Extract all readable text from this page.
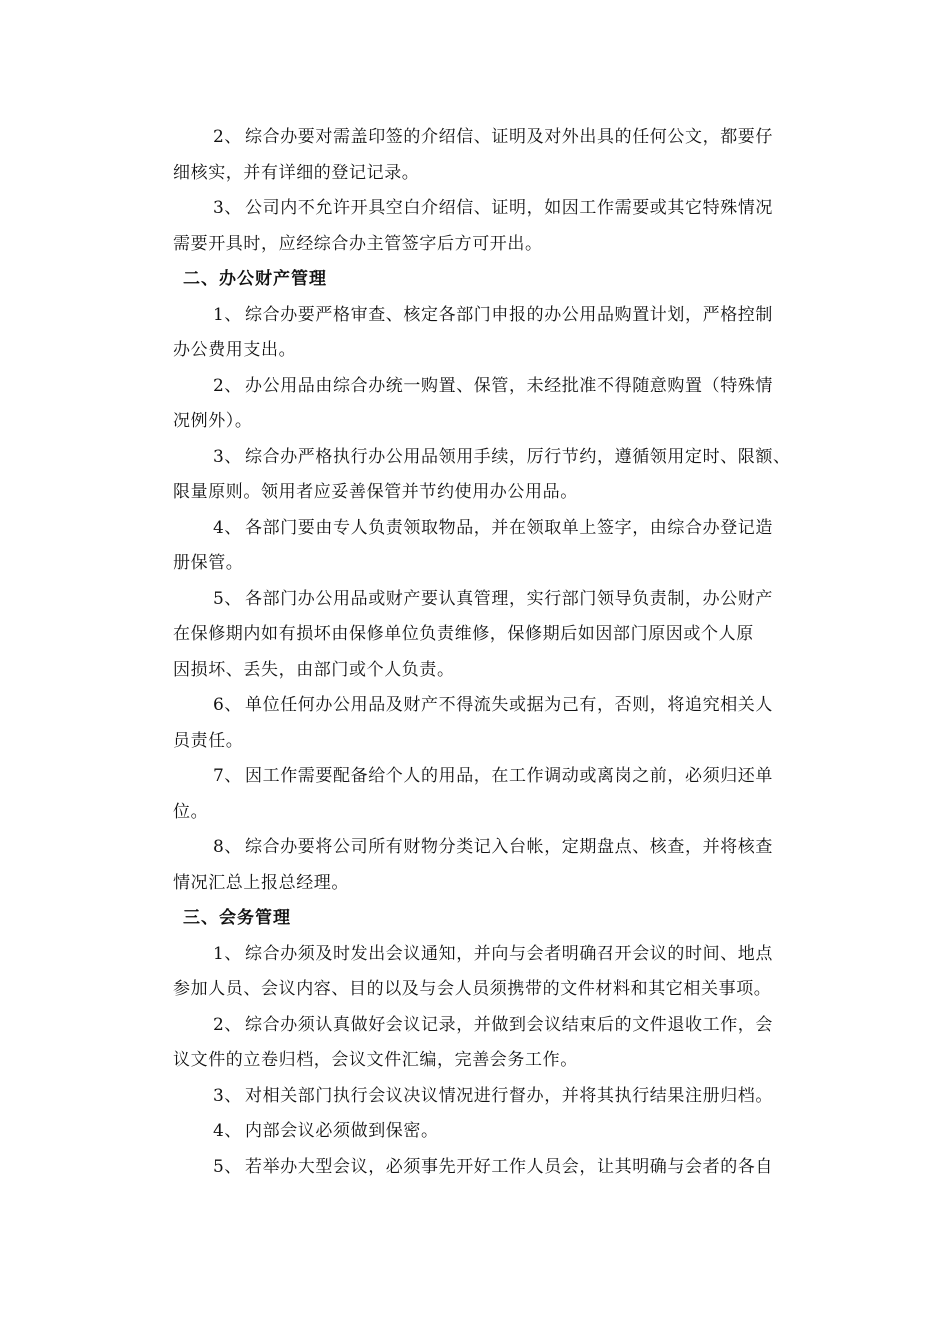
2、 综合办要对需盖印签的介绍信、证明及对外出具的任何公文，都要仔
细核实，并有详细的登记记录。
3、 公司内不允许开具空白介绍信、证明，如因工作需要或其它特殊情况
需要开具时，应经综合办主管签字后方可开出。
二、办公财产管理
1、 综合办要严格审查、核定各部门申报的办公用品购置计划，严格控制
办公费用支出。
2、 办公用品由综合办统一购置、保管，未经批准不得随意购置（特殊情
况例外）。
3、 综合办严格执行办公用品领用手续，厉行节约，遵循领用定时、限额、
限量原则。领用者应妥善保管并节约使用办公用品。
4、 各部门要由专人负责领取物品，并在领取单上签字，由综合办登记造
册保管。
5、 各部门办公用品或财产要认真管理，实行部门领导负责制，办公财产
在保修期内如有损坏由保修单位负责维修，保修期后如因部门原因或个人原
因损坏、丢失，由部门或个人负责。
6、 单位任何办公用品及财产不得流失或据为己有，否则，将追究相关人
员责任。
7、 因工作需要配备给个人的用品，在工作调动或离岗之前，必须归还单
位。
8、 综合办要将公司所有财物分类记入台帐，定期盘点、核查，并将核查
情况汇总上报总经理。
三、会务管理
1、 综合办须及时发出会议通知，并向与会者明确召开会议的时间、地点
参加人员、会议内容、目的以及与会人员须携带的文件材料和其它相关事项。
2、 综合办须认真做好会议记录，并做到会议结束后的文件退收工作，会
议文件的立卷归档，会议文件汇编，完善会务工作。
3、 对相关部门执行会议决议情况进行督办，并将其执行结果注册归档。
4、 内部会议必须做到保密。
5、 若举办大型会议，必须事先开好工作人员会，让其明确与会者的各自
